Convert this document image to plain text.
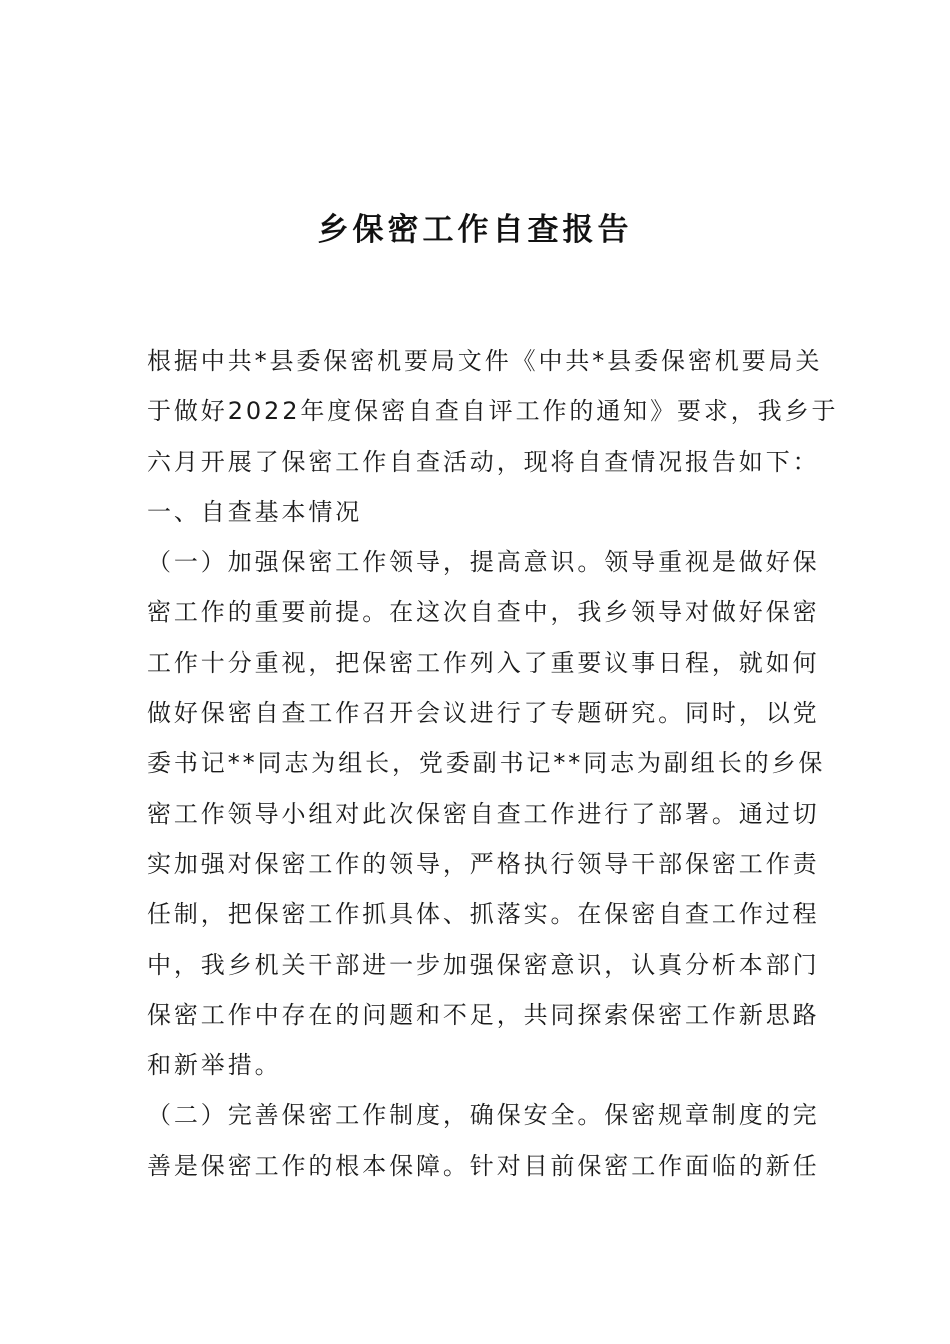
乡保密工作自查报告
根据中共*县委保密机要局文件《中共*县委保密机要局关
于做好2022年度保密自查自评工作的通知》要求，我乡于
六月开展了保密工作自查活动，现将自查情况报告如下：
一、自查基本情况
（一）加强保密工作领导，提高意识。领导重视是做好保
密工作的重要前提。在这次自查中，我乡领导对做好保密
工作十分重视，把保密工作列入了重要议事日程，就如何
做好保密自查工作召开会议进行了专题研究。同时，以党
委书记**同志为组长，党委副书记**同志为副组长的乡保
密工作领导小组对此次保密自查工作进行了部署。通过切
实加强对保密工作的领导，严格执行领导干部保密工作责
任制，把保密工作抓具体、抓落实。在保密自查工作过程
中，我乡机关干部进一步加强保密意识，认真分析本部门
保密工作中存在的问题和不足，共同探索保密工作新思路
和新举措。
（二）完善保密工作制度，确保安全。保密规章制度的完
善是保密工作的根本保障。针对目前保密工作面临的新任
